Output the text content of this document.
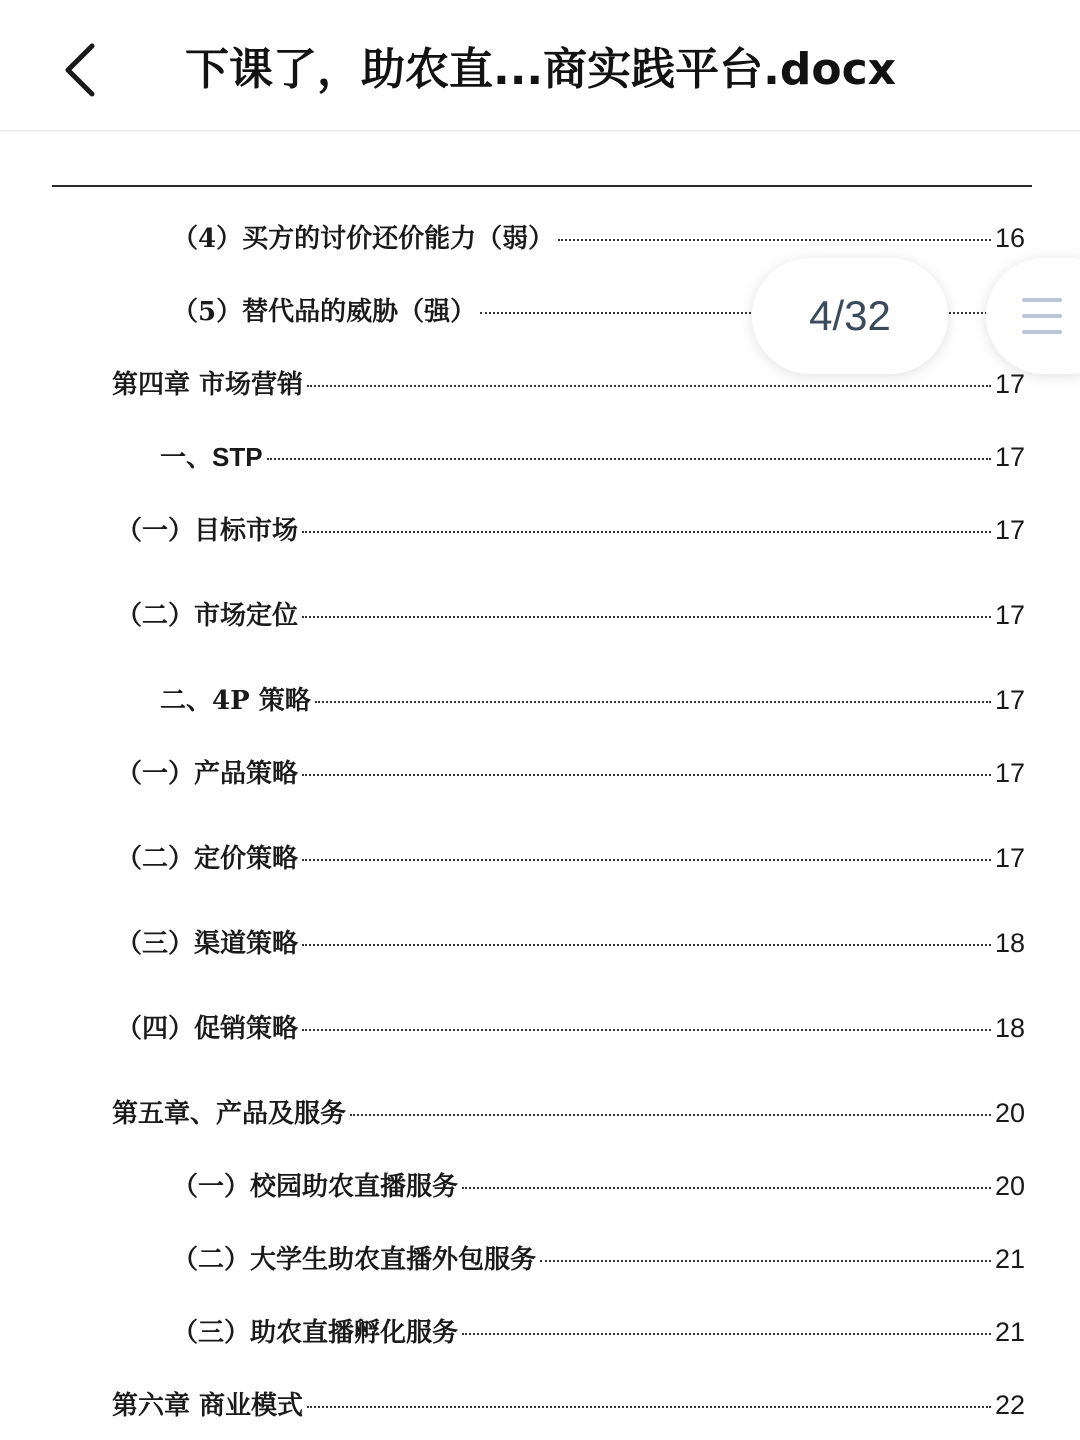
下课了，助农直...商实践平台.docx
（4）买方的讨价还价能力（弱）	16
（5）替代品的威胁（强）
第四章 市场营销	17
一、STP	17
（一）目标市场	17
（二）市场定位	17
二、4P 策略	17
（一）产品策略	17
（二）定价策略	17
（三）渠道策略	18
（四）促销策略	18
第五章、产品及服务	20
（一）校园助农直播服务	20
（二）大学生助农直播外包服务	21
（三）助农直播孵化服务	21
第六章 商业模式	22
4/32
